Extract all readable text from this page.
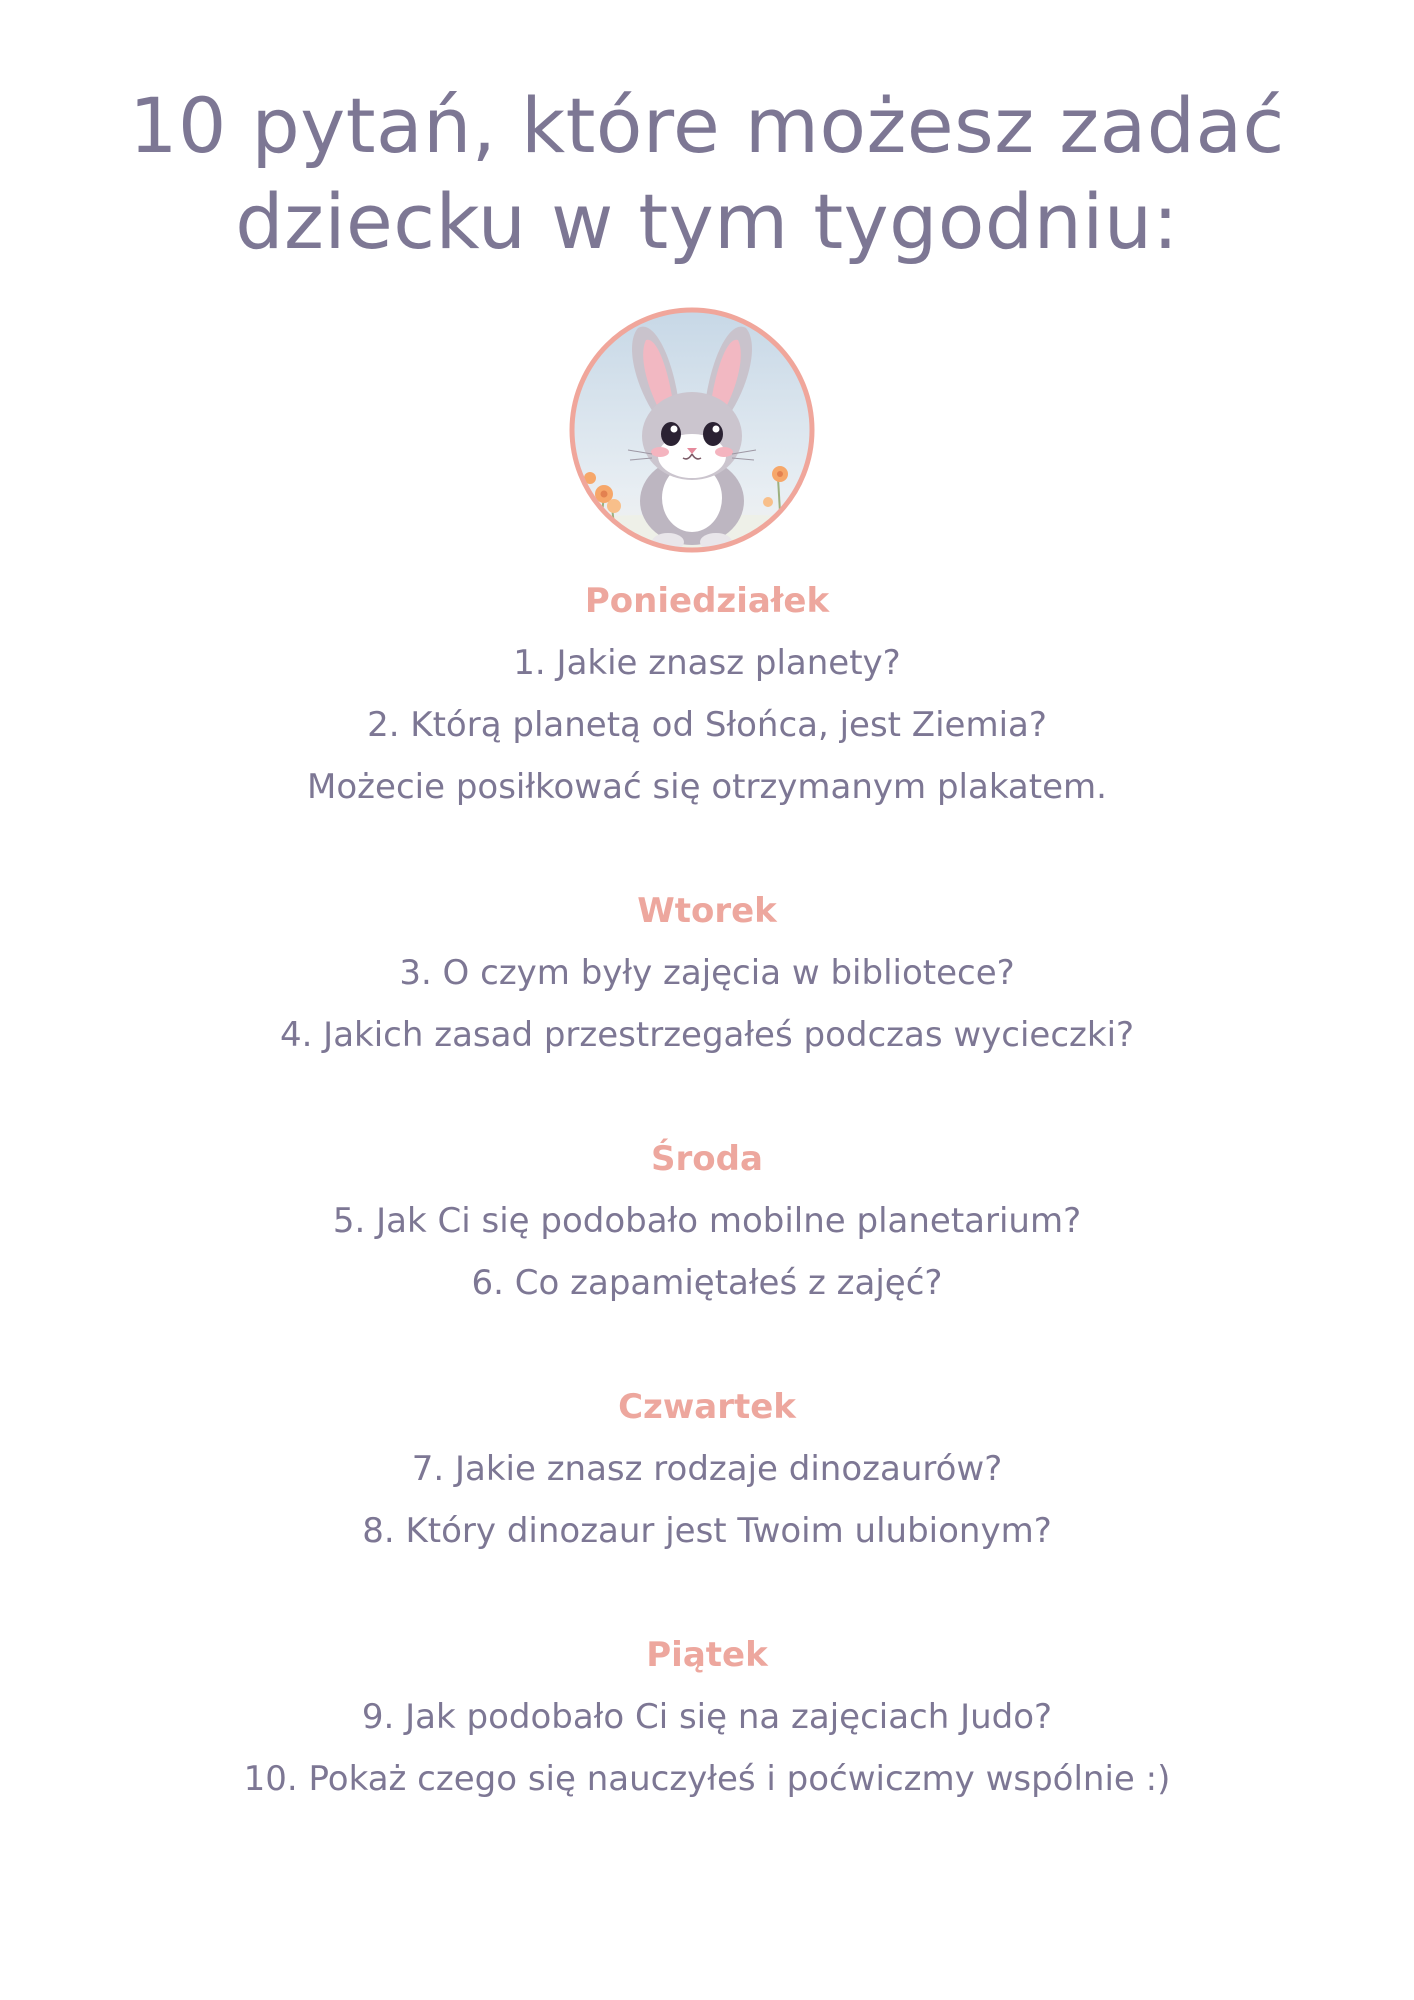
10 pytań, które możesz zadać
dziecku w tym tygodniu:
Poniedziałek
1. Jakie znasz planety?
2. Którą planetą od Słońca, jest Ziemia?
Możecie posiłkować się otrzymanym plakatem.
Wtorek
3. O czym były zajęcia w bibliotece?
4. Jakich zasad przestrzegałeś podczas wycieczki?
Środa
5. Jak Ci się podobało mobilne planetarium?
6. Co zapamiętałeś z zajęć?
Czwartek
7. Jakie znasz rodzaje dinozaurów?
8. Który dinozaur jest Twoim ulubionym?
Piątek
9. Jak podobało Ci się na zajęciach Judo?
10. Pokaż czego się nauczyłeś i poćwiczmy wspólnie :)
